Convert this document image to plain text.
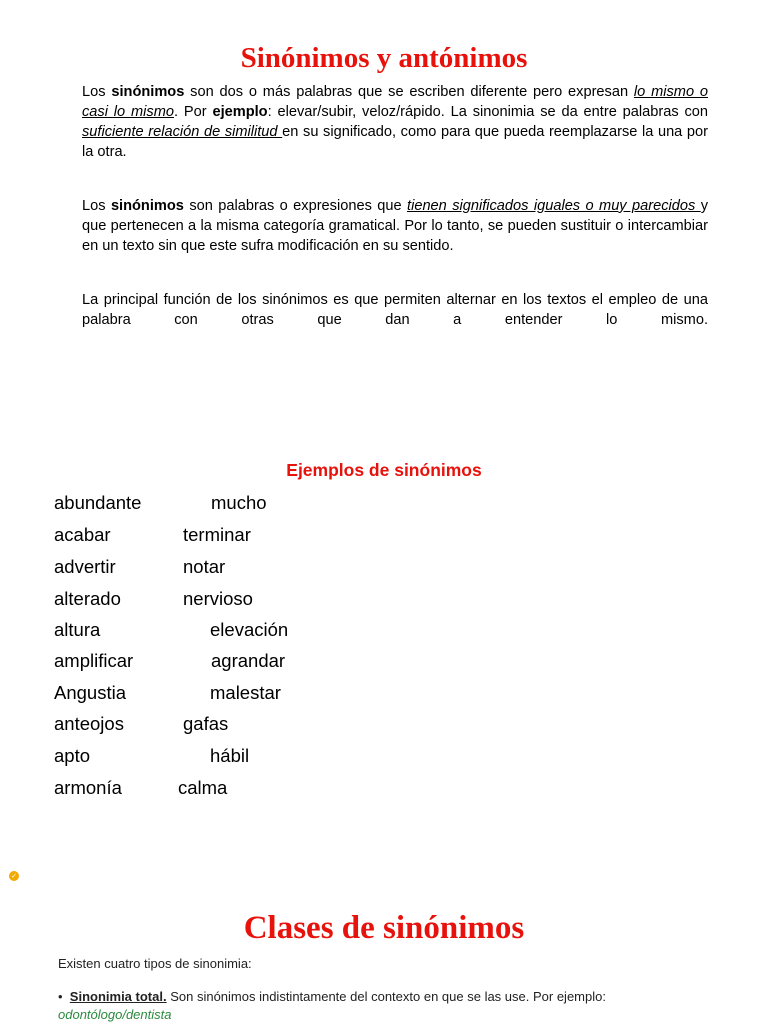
Sinónimos y antónimos

Los sinónimos son dos o más palabras que se escriben diferente pero expresan lo mismo o casi lo mismo. Por ejemplo: elevar/subir, veloz/rápido. La sinonimia se da entre palabras con suficiente relación de similitud en su significado, como para que pueda reemplazarse la una por la otra.

Los sinónimos son palabras o expresiones que tienen significados iguales o muy parecidos y que pertenecen a la misma categoría gramatical. Por lo tanto, se pueden sustituir o intercambiar en un texto sin que este sufra modificación en su sentido.

La principal función de los sinónimos es que permiten alternar en los textos el empleo de una palabra con otras que dan a entender lo mismo.

Ejemplos de sinónimos
abundante	mucho
acabar	terminar
advertir	notar
alterado	nervioso
altura	elevación
amplificar	agrandar
Angustia	malestar
anteojos	gafas
apto	hábil
armonía	calma
✓
Clases de sinónimos

Existen cuatro tipos de sinonimia:

• Sinonimia total. Son sinónimos indistintamente del contexto en que se las use. Por ejemplo: odontólogo/dentista
